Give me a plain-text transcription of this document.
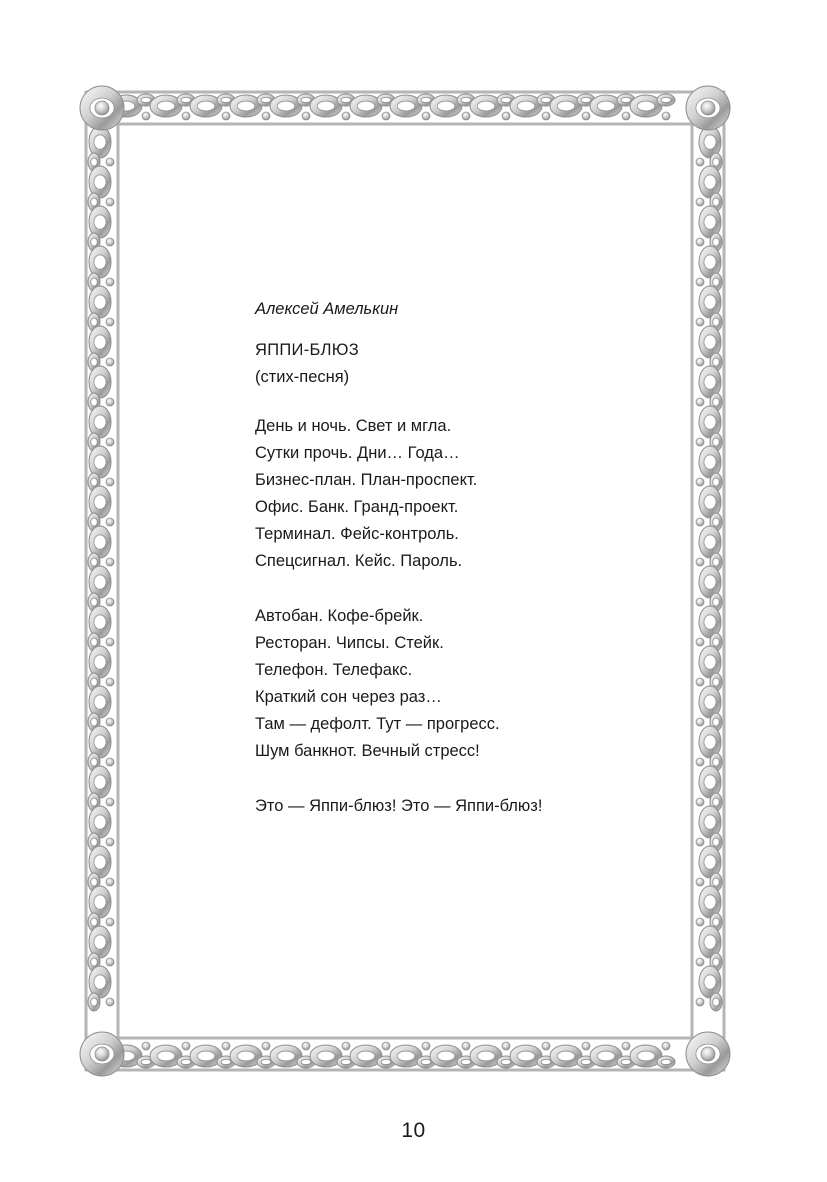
Алексей Амелькин

ЯППИ-БЛЮЗ

(стих-песня)

День и ночь. Свет и мгла.
Сутки прочь. Дни… Года…
Бизнес-план. План-проспект.
Офис. Банк. Гранд-проект.
Терминал. Фейс-контроль.
Спецсигнал. Кейс. Пароль.
Автобан. Кофе-брейк.
Ресторан. Чипсы. Стейк.
Телефон. Телефакс.
Краткий сон через раз…
Там — дефолт. Тут — прогресс.
Шум банкнот. Вечный стресс!
Это — Яппи-блюз! Это — Яппи-блюз!
10
